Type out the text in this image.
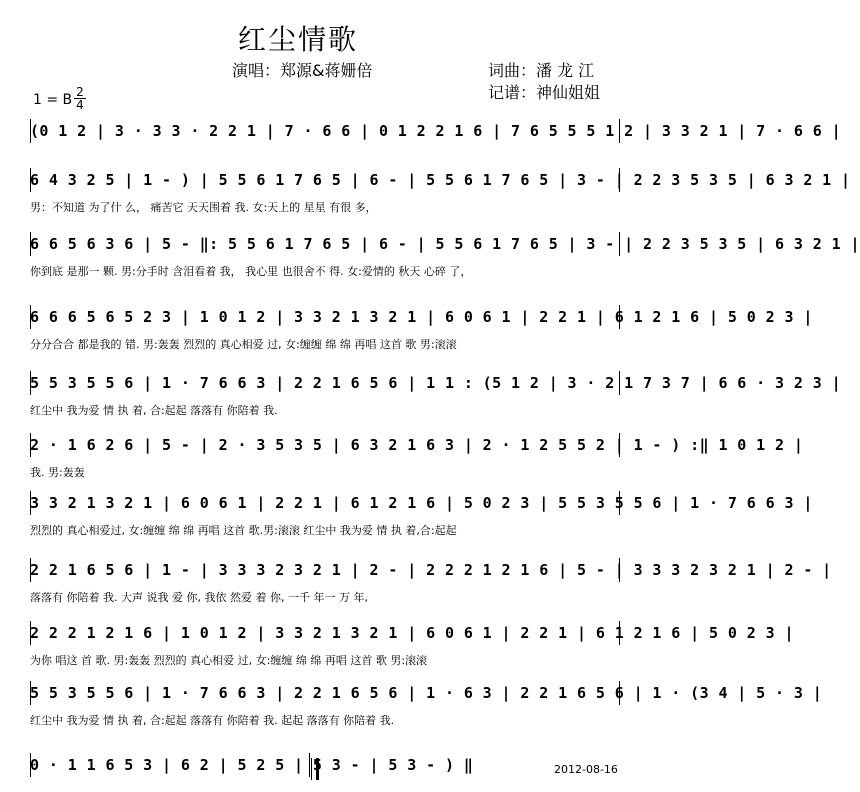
红尘情歌
演唱：郑源&蒋姗倍	词曲：潘 龙 江
记谱：神仙姐姐
1 = B $\frac{2}{4}$
(0 1 2 | 3 · 3 3 · 2 2 1 | 7 · 6 6 | 0 1 2 2 1 6 | 7 6 5 5 5 1 2 | 3 3 2 1 | 7 · 6 6 |
6 4 3 2 5 | 1 - ) | 5 5 6 1 7 6 5 | 6 - | 5 5 6 1 7 6 5 | 3 - | 2 2 3 5 3 5 | 6 3 2 1 |
男：不知道 为了什 么， 痛苦它 天天围着 我. 女:天上的 星星 有很 多，
6 6 5 6 3 6 | 5 - ‖: 5 5 6 1 7 6 5 | 6 - | 5 5 6 1 7 6 5 | 3 - | 2 2 3 5 3 5 | 6 3 2 1 |
你到底 是那一 颗. 男:分手时 含泪看着 我， 我心里 也很舍不 得. 女:爱情的 秋天 心碎 了，
6 6 6 5 6 5 2 3 | 1 0 1 2 | 3 3 2 1 3 2 1 | 6 0 6 1 | 2 2 1 | 6 1 2 1 6 | 5 0 2 3 |
分分合合 都是我的 错. 男:轰轰 烈烈的 真心相爱 过, 女:缠缠 绵 绵 再唱 这首 歌 男:滚滚
5 5 3 5 5 6 | 1 · 7 6 6 3 | 2 2 1 6 5 6 | 1 1 : (5 1 2 | 3 · 2 1 7 3 7 | 6 6 · 3 2 3 |
红尘中 我为爱 情 执 着, 合:起起 落落有 你陪着 我.
2 · 1 6 2 6 | 5 - | 2 · 3 5 3 5 | 6 3 2 1 6 3 | 2 · 1 2 5 5 2 | 1 - ) :‖ 1 0 1 2 |
我. 男:轰轰
3 3 2 1 3 2 1 | 6 0 6 1 | 2 2 1 | 6 1 2 1 6 | 5 0 2 3 | 5 5 3 5 5 6 | 1 · 7 6 6 3 |
烈烈的 真心相爱过, 女:缠缠 绵 绵 再唱 这首 歌.男:滚滚 红尘中 我为爱 情 执 着,合:起起
2 2 1 6 5 6 | 1 - | 3 3 3 2 3 2 1 | 2 - | 2 2 2 1 2 1 6 | 5 - | 3 3 3 2 3 2 1 | 2 - |
落落有 你陪着 我. 大声 说我 爱 你, 我依 然爱 着 你, 一千 年一 万 年,
2 2 2 1 2 1 6 | 1 0 1 2 | 3 3 2 1 3 2 1 | 6 0 6 1 | 2 2 1 | 6 1 2 1 6 | 5 0 2 3 |
为你 唱这 首 歌. 男:轰轰 烈烈的 真心相爱 过, 女:缠缠 绵 绵 再唱 这首 歌 男:滚滚
5 5 3 5 5 6 | 1 · 7 6 6 3 | 2 2 1 6 5 6 | 1 · 6 3 | 2 2 1 6 5 6 | 1 · (3 4 | 5 · 3 |
红尘中 我为爱 情 执 着, 合:起起 落落有 你陪着 我. 起起 落落有 你陪着 我.
0 · 1 1 6 5 3 | 6 2 | 5 2 5 | 5 3 - | 5 3 - ) ‖	2012-08-16
